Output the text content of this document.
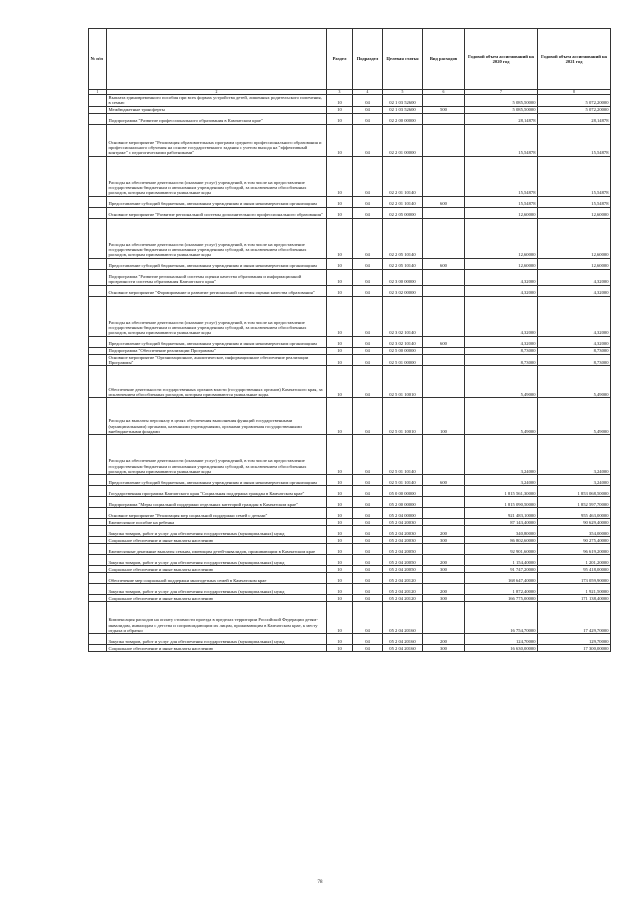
№ п/п		Раздел	Подраздел	Целевая статья	Вид расходов	Годовой объем ассигнований на 2020 год	Годовой объем ассигнований на 2021 год
1	2	3	4	5	6	7	8
	Выплата единовременного пособия при всех формах устройства детей, лишенных родительского попечения, в семью	10	04	02 1 03 52600		5 085,50000	5 072,20000
	Межбюджетные трансферты	10	04	02 1 03 52600	500	5 085,50000	5 072,20000
	Подпрограмма "Развитие профессионального образования в Камчатском крае"	10	04	02 2 00 00000		28,14878	28,14878
	Основное мероприятие "Реализация образовательных программ среднего профессионального образования и профессионального обучения на основе государственного задания с учетом выхода на "эффективный контракт" с педагогическими работниками"	10	04	02 2 01 00000		15,54878	15,54878
	Расходы на обеспечение деятельности (оказание услуг) учреждений, в том числе на предоставление государственным бюджетным и автономным учреждениям субсидий, за исключением обособленных расходов, которым присваиваются уникальные коды	10	04	02 2 01 10140		15,54878	15,54878
	Предоставление субсидий бюджетным, автономным учреждениям и иным некоммерческим организациям	10	04	02 2 01 10140	600	15,54878	15,54878
	Основное мероприятие "Развитие региональной системы дополнительного профессионального образования"	10	04	02 2 05 00000		12,60000	12,60000
	Расходы на обеспечение деятельности (оказание услуг) учреждений, в том числе на предоставление государственным бюджетным и автономным учреждениям субсидий, за исключением обособленных расходов, которым присваиваются уникальные коды	10	04	02 2 05 10140		12,60000	12,60000
	Предоставление субсидий бюджетным, автономным учреждениям и иным некоммерческим организациям	10	04	02 2 05 10140	600	12,60000	12,60000
	Подпрограмма "Развитие региональной системы оценки качества образования и информационной прозрачности системы образования Камчатского края"	10	04	02 3 00 00000		4,32000	4,32000
	Основное мероприятие "Формирование и развитие региональной системы оценки качества образования"	10	04	02 3 02 00000		4,32000	4,32000
	Расходы на обеспечение деятельности (оказание услуг) учреждений, в том числе на предоставление государственным бюджетным и автономным учреждениям субсидий, за исключением обособленных расходов, которым присваиваются уникальные коды	10	04	02 3 02 10140		4,32000	4,32000
	Предоставление субсидий бюджетным, автономным учреждениям и иным некоммерческим организациям	10	04	02 3 02 10140	600	4,32000	4,32000
	Подпрограмма "Обеспечение реализации Программы"	10	04	02 5 00 00000		8,73000	8,73000
	Основное мероприятие "Организационное, аналитическое, информационное обеспечение реализации Программы"	10	04	02 5 01 00000		8,73000	8,73000
	Обеспечение деятельности государственных органов власти (государственных органов) Камчатского края, за исключением обособленных расходов, которым присваиваются уникальные коды.	10	04	02 5 01 10010		5,49000	5,49000
	Расходы на выплаты персоналу в целях обеспечения выполнения функций государственными (муниципальными) органами, казенными учреждениями, органами управления государственными внебюджетными фондами	10	04	02 5 01 10010	100	5,49000	5,49000
	Расходы на обеспечение деятельности (оказание услуг) учреждений, в том числе на предоставление государственным бюджетным и автономным учреждениям субсидий, за исключением обособленных расходов, которым присваиваются уникальные коды	10	04	02 5 01 10140		3,24000	3,24000
	Предоставление субсидий бюджетным, автономным учреждениям и иным некоммерческим организациям	10	04	02 5 01 10140	600	3,24000	3,24000
	Государственная программа Камчатского края "Социальная поддержка граждан в Камчатском крае"	10	04	05 0 00 00000		1 815 561,30000	1 853 068,50000
	Подпрограмма "Меры социальной поддержки отдельных категорий граждан в Камчатском крае"	10	04	05 2 00 00000		1 815 090,50000	1 852 597,70000
	Основное мероприятие "Реализация мер социальной поддержки семей с детьми"	10	04	05 2 04 00000		921 483,10000	955 463,00000
	Ежемесячное пособие на ребенка	10	04	05 2 04 20030		87 143,40000	90 629,40000
	Закупка товаров, работ и услуг для обеспечения государственных (муниципальных) нужд	10	04	05 2 04 20030	200	340,80000	354,00000
	Социальное обеспечение и иные выплаты населению	10	04	05 2 04 20030	300	86 802,60000	90 275,40000
	Ежемесячные денежные выплаты семьям, имеющим детей-инвалидов, проживающим в Камчатском крае	10	04	05 2 04 20050		92 901,60000	96 619,20000
	Закупка товаров, работ и услуг для обеспечения государственных (муниципальных) нужд	10	04	05 2 04 20050	200	1 154,40000	1 201,20000
	Социальное обеспечение и иные выплаты населению	10	04	05 2 04 20050	300	91 747,20000	95 418,00000
	Обеспечение мер социальной поддержки многодетных семей в Камчатском крае	10	04	05 2 04 20120		168 647,40000	173 059,90000
	Закупка товаров, работ и услуг для обеспечения государственных (муниципальных) нужд	10	04	05 2 04 20120	200	1 872,40000	1 921,50000
	Социальное обеспечение и иные выплаты населению	10	04	05 2 04 20120	300	166 775,00000	171 138,40000
	Компенсация расходов на оплату стоимости проезда в пределах территории Российской Федерации детям-инвалидам, инвалидам с детства и сопровождающим их лицам, проживающим в Камчатском крае, к месту отдыха и обратно	10	04	05 2 04 20160		16 754,70000	17 429,70000
	Закупка товаров, работ и услуг для обеспечения государственных (муниципальных) нужд	10	04	05 2 04 20160	200	124,70000	129,70000
	Социальное обеспечение и иные выплаты населению	10	04	05 2 04 20160	300	16 630,00000	17 300,00000
78
